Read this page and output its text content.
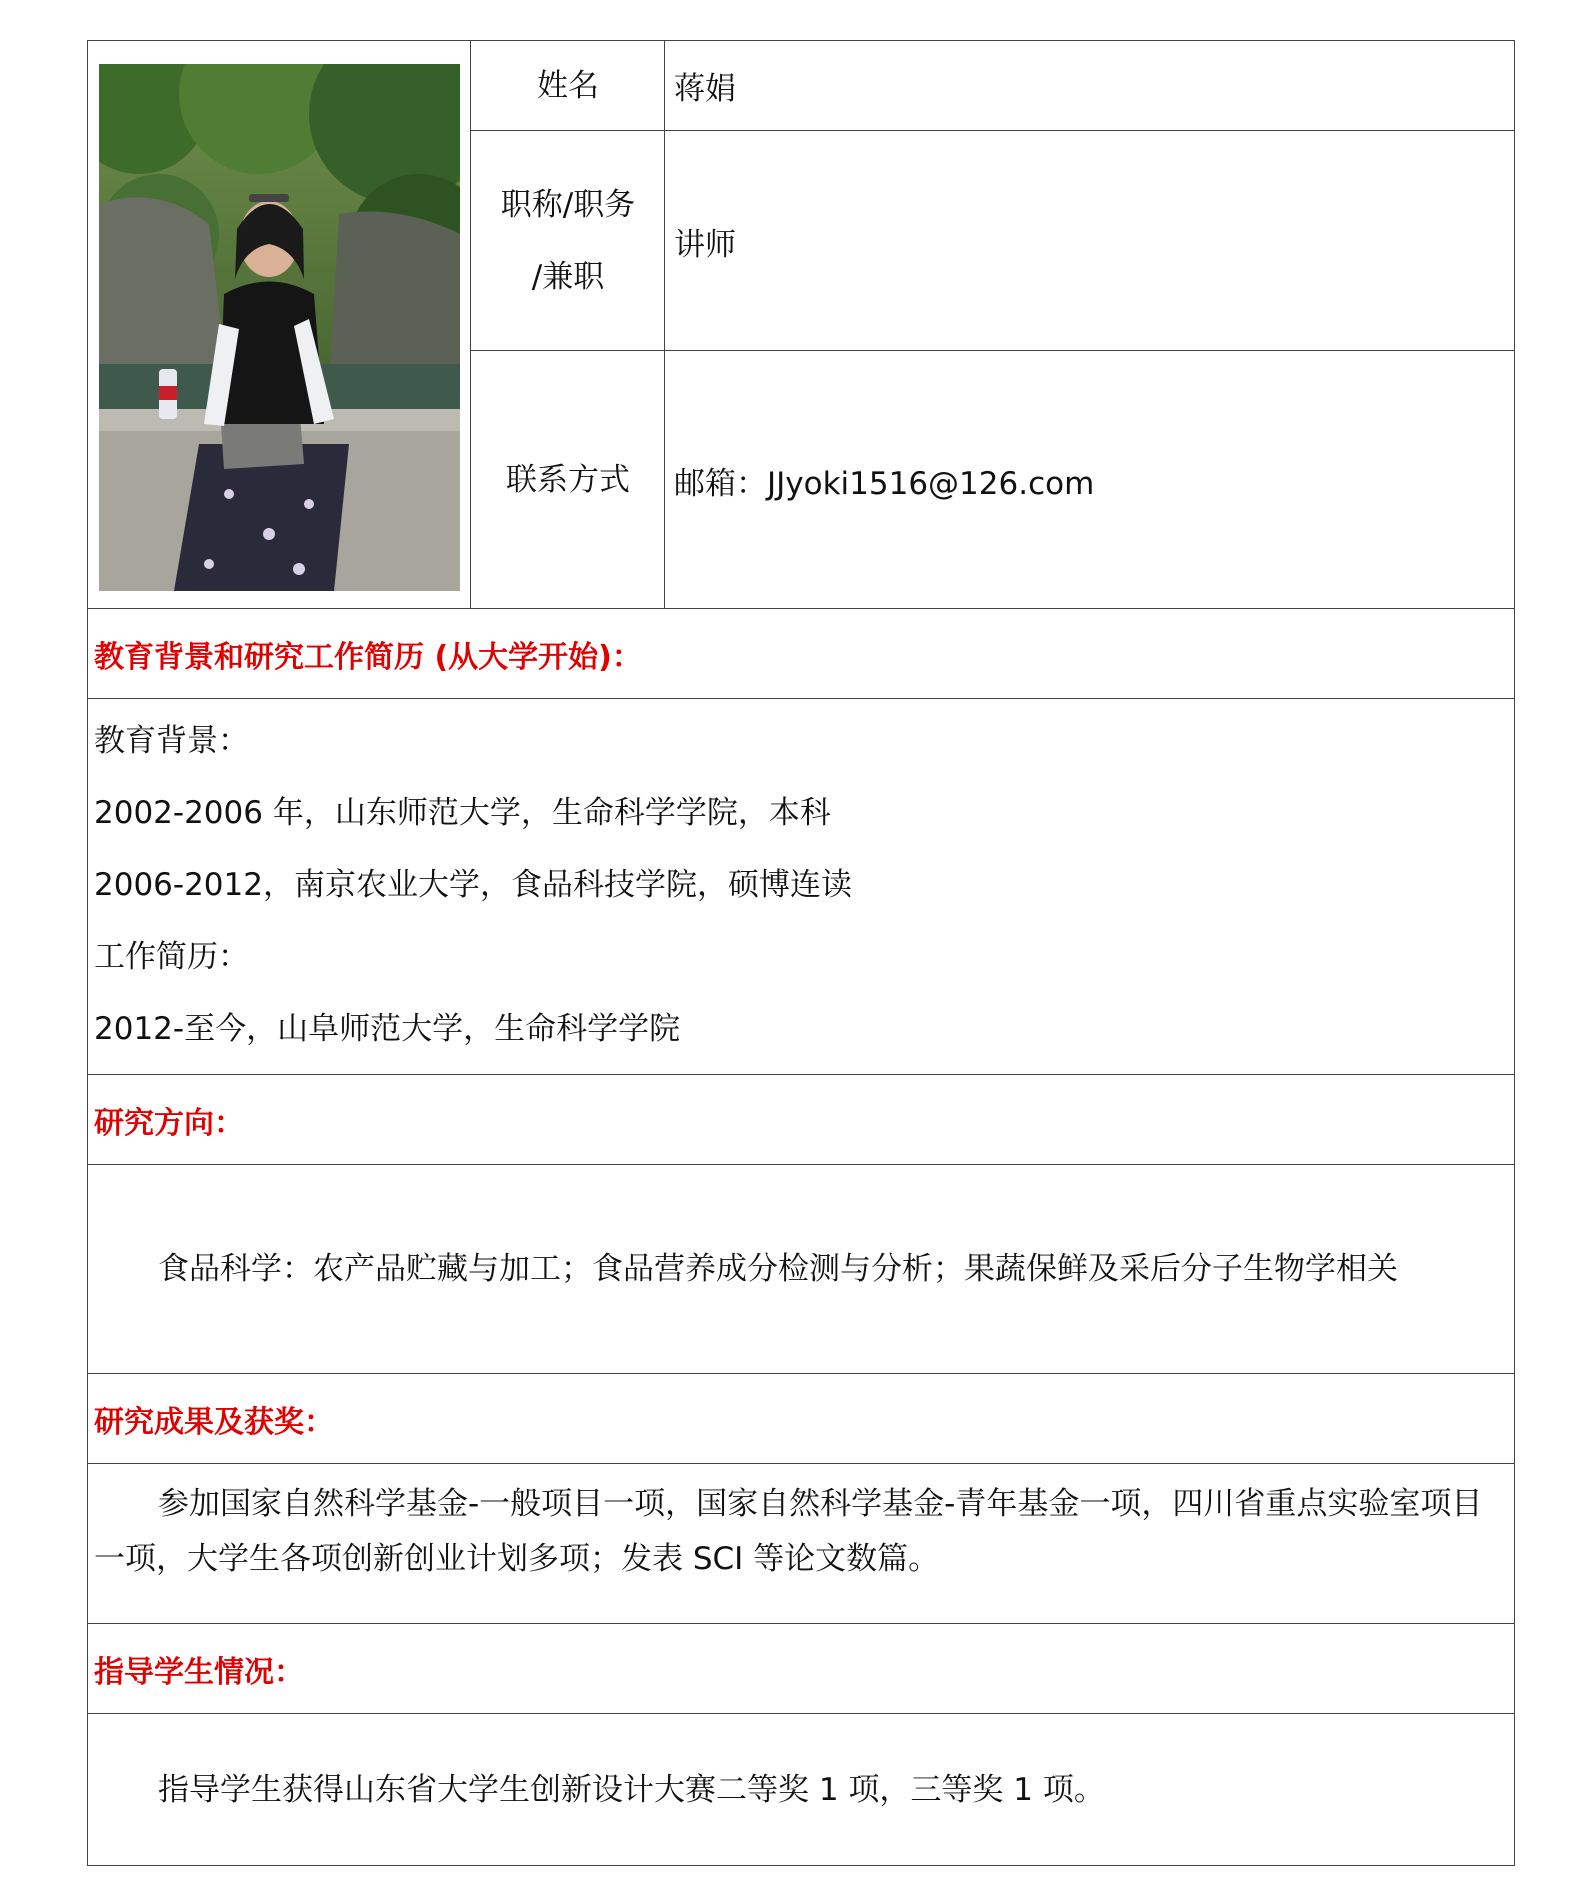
姓名	蒋娟
职称/职务
/兼职
讲师
联系方式	邮箱：JJyoki1516@126.com
教育背景和研究工作简历 (从大学开始)：
教育背景：
2002-2006 年，山东师范大学，生命科学学院，本科
2006-2012，南京农业大学，食品科技学院，硕博连读
工作简历：
2012-至今，山阜师范大学，生命科学学院
研究方向：
食品科学：农产品贮藏与加工；食品营养成分检测与分析；果蔬保鲜及采后分子生物学相关
研究成果及获奖：
参加国家自然科学基金-一般项目一项，国家自然科学基金-青年基金一项，四川省重点实验室项目一项，大学生各项创新创业计划多项；发表 SCI 等论文数篇。
指导学生情况：
指导学生获得山东省大学生创新设计大赛二等奖 1 项，三等奖 1 项。
